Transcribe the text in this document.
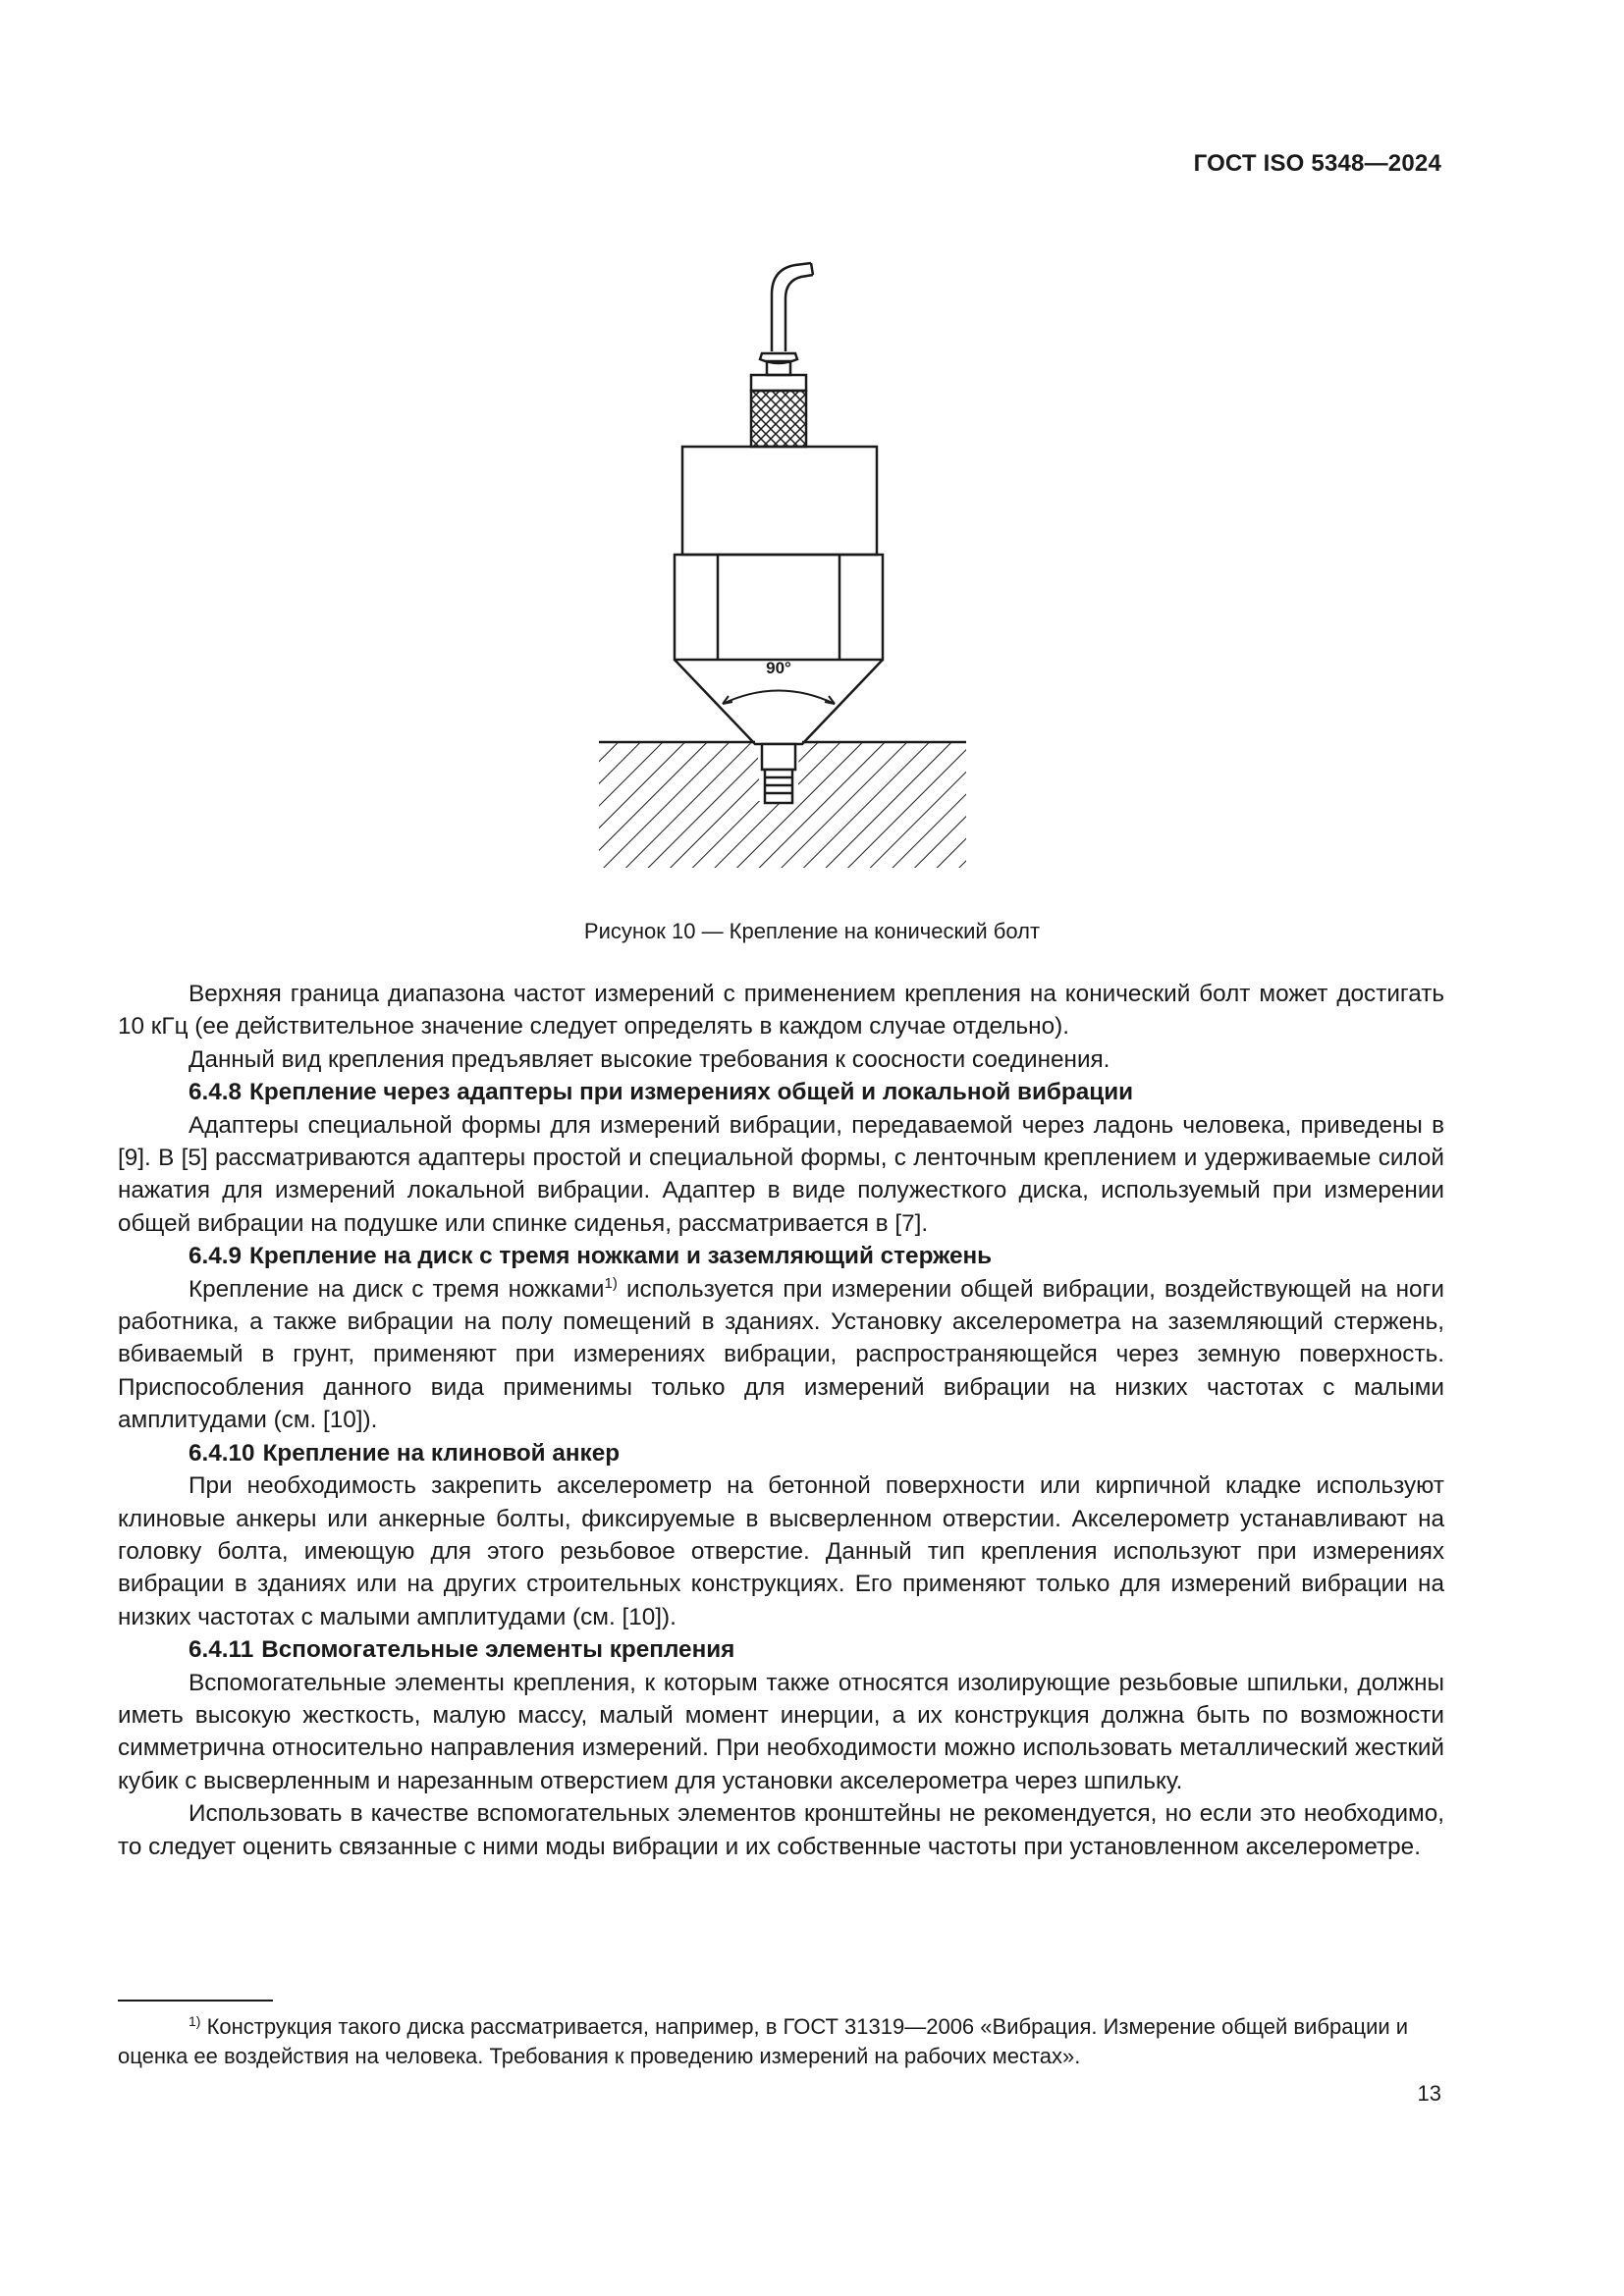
ГОСТ ISO 5348—2024
90°
Рисунок 10 — Крепление на конический болт

Верхняя граница диапазона частот измерений с применением крепления на конический болт может достигать 10 кГц (ее действительное значение следует определять в каждом случае отдельно).

Данный вид крепления предъявляет высокие требования к соосности соединения.

6.4.8 Крепление через адаптеры при измерениях общей и локальной вибрации

Адаптеры специальной формы для измерений вибрации, передаваемой через ладонь человека, приведены в [9]. В [5] рассматриваются адаптеры простой и специальной формы, с ленточным креплением и удерживаемые силой нажатия для измерений локальной вибрации. Адаптер в виде полужесткого диска, используемый при измерении общей вибрации на подушке или спинке сиденья, рассматривается в [7].

6.4.9 Крепление на диск с тремя ножками и заземляющий стержень

Крепление на диск с тремя ножками$^{1)}$ используется при измерении общей вибрации, воздействующей на ноги работника, а также вибрации на полу помещений в зданиях. Установку акселерометра на заземляющий стержень, вбиваемый в грунт, применяют при измерениях вибрации, распространяющейся через земную поверхность. Приспособления данного вида применимы только для измерений вибрации на низких частотах с малыми амплитудами (см. [10]).

6.4.10 Крепление на клиновой анкер

При необходимость закрепить акселерометр на бетонной поверхности или кирпичной кладке используют клиновые анкеры или анкерные болты, фиксируемые в высверленном отверстии. Акселерометр устанавливают на головку болта, имеющую для этого резьбовое отверстие. Данный тип крепления используют при измерениях вибрации в зданиях или на других строительных конструкциях. Его применяют только для измерений вибрации на низких частотах с малыми амплитудами (см. [10]).

6.4.11 Вспомогательные элементы крепления

Вспомогательные элементы крепления, к которым также относятся изолирующие резьбовые шпильки, должны иметь высокую жесткость, малую массу, малый момент инерции, а их конструкция должна быть по возможности симметрична относительно направления измерений. При необходимости можно использовать металлический жесткий кубик с высверленным и нарезанным отверстием для установки акселерометра через шпильку.

Использовать в качестве вспомогательных элементов кронштейны не рекомендуется, но если это необходимо, то следует оценить связанные с ними моды вибрации и их собственные частоты при установленном акселерометре.

$^{1)}$ Конструкция такого диска рассматривается, например, в ГОСТ 31319—2006 «Вибрация. Измерение общей вибрации и оценка ее воздействия на человека. Требования к проведению измерений на рабочих местах».

13
